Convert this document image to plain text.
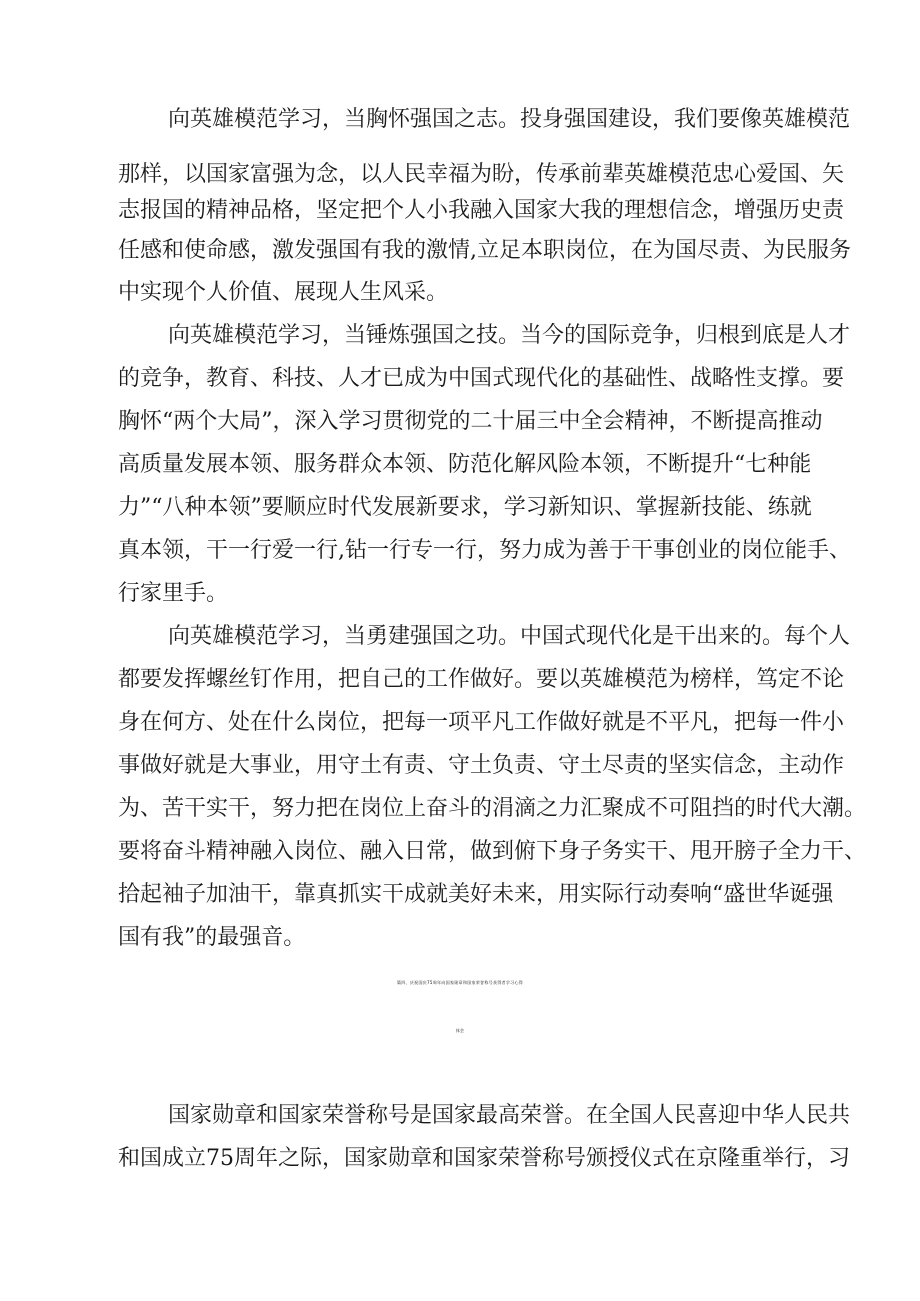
向英雄模范学习，当胸怀强国之志。投身强国建设，我们要像英雄模范
那样，以国家富强为念，以人民幸福为盼，传承前辈英雄模范忠心爱国、矢
志报国的精神品格，坚定把个人小我融入国家大我的理想信念，增强历史责
任感和使命感，激发强国有我的激情,立足本职岗位，在为国尽责、为民服务
中实现个人价值、展现人生风采。
向英雄模范学习，当锤炼强国之技。当今的国际竞争，归根到底是人才
的竞争，教育、科技、人才已成为中国式现代化的基础性、战略性支撑。要
胸怀“两个大局”，深入学习贯彻党的二十届三中全会精神，不断提高推动
高质量发展本领、服务群众本领、防范化解风险本领，不断提升“七种能
力”“八种本领”要顺应时代发展新要求，学习新知识、掌握新技能、练就
真本领，干一行爱一行,钻一行专一行，努力成为善于干事创业的岗位能手、
行家里手。
向英雄模范学习，当勇建强国之功。中国式现代化是干出来的。每个人
都要发挥螺丝钉作用，把自己的工作做好。要以英雄模范为榜样，笃定不论
身在何方、处在什么岗位，把每一项平凡工作做好就是不平凡，把每一件小
事做好就是大事业，用守土有责、守土负责、守土尽责的坚实信念，主动作
为、苦干实干，努力把在岗位上奋斗的涓滴之力汇聚成不可阻挡的时代大潮。
要将奋斗精神融入岗位、融入日常，做到俯下身子务实干、甩开膀子全力干、
拾起袖子加油干，靠真抓实干成就美好未来，用实际行动奏响“盛世华诞强
国有我”的最强音。
篇四、庆祝国庆75周年向国家勋章和国家荣誉称号获得者学习心得
体会
国家勋章和国家荣誉称号是国家最高荣誉。在全国人民喜迎中华人民共
和国成立75周年之际，国家勋章和国家荣誉称号颁授仪式在京隆重举行，习
